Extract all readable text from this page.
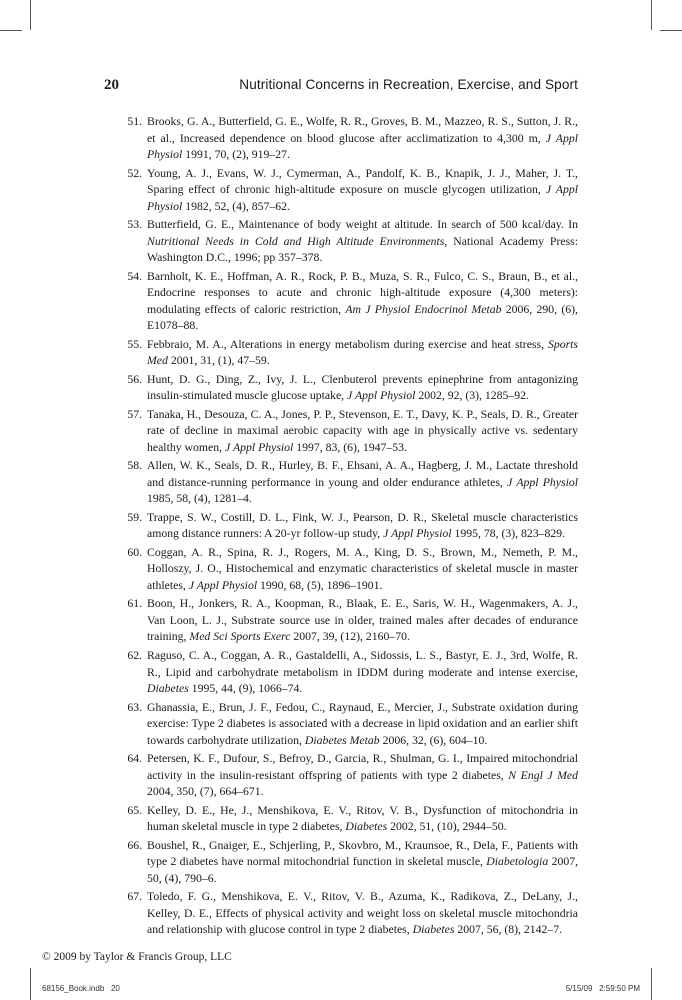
20	Nutritional Concerns in Recreation, Exercise, and Sport
51. Brooks, G. A., Butterfield, G. E., Wolfe, R. R., Groves, B. M., Mazzeo, R. S., Sutton, J. R., et al., Increased dependence on blood glucose after acclimatization to 4,300 m, J Appl Physiol 1991, 70, (2), 919–27.
52. Young, A. J., Evans, W. J., Cymerman, A., Pandolf, K. B., Knapik, J. J., Maher, J. T., Sparing effect of chronic high-altitude exposure on muscle glycogen utilization, J Appl Physiol 1982, 52, (4), 857–62.
53. Butterfield, G. E., Maintenance of body weight at altitude. In search of 500 kcal/day. In Nutritional Needs in Cold and High Altitude Environments, National Academy Press: Washington D.C., 1996; pp 357–378.
54. Barnholt, K. E., Hoffman, A. R., Rock, P. B., Muza, S. R., Fulco, C. S., Braun, B., et al., Endocrine responses to acute and chronic high-altitude exposure (4,300 meters): modulating effects of caloric restriction, Am J Physiol Endocrinol Metab 2006, 290, (6), E1078–88.
55. Febbraio, M. A., Alterations in energy metabolism during exercise and heat stress, Sports Med 2001, 31, (1), 47–59.
56. Hunt, D. G., Ding, Z., Ivy, J. L., Clenbuterol prevents epinephrine from antagonizing insulin-stimulated muscle glucose uptake, J Appl Physiol 2002, 92, (3), 1285–92.
57. Tanaka, H., Desouza, C. A., Jones, P. P., Stevenson, E. T., Davy, K. P., Seals, D. R., Greater rate of decline in maximal aerobic capacity with age in physically active vs. sedentary healthy women, J Appl Physiol 1997, 83, (6), 1947–53.
58. Allen, W. K., Seals, D. R., Hurley, B. F., Ehsani, A. A., Hagberg, J. M., Lactate threshold and distance-running performance in young and older endurance athletes, J Appl Physiol 1985, 58, (4), 1281–4.
59. Trappe, S. W., Costill, D. L., Fink, W. J., Pearson, D. R., Skeletal muscle characteristics among distance runners: A 20-yr follow-up study, J Appl Physiol 1995, 78, (3), 823–829.
60. Coggan, A. R., Spina, R. J., Rogers, M. A., King, D. S., Brown, M., Nemeth, P. M., Holloszy, J. O., Histochemical and enzymatic characteristics of skeletal muscle in master athletes, J Appl Physiol 1990, 68, (5), 1896–1901.
61. Boon, H., Jonkers, R. A., Koopman, R., Blaak, E. E., Saris, W. H., Wagenmakers, A. J., Van Loon, L. J., Substrate source use in older, trained males after decades of endurance training, Med Sci Sports Exerc 2007, 39, (12), 2160–70.
62. Raguso, C. A., Coggan, A. R., Gastaldelli, A., Sidossis, L. S., Bastyr, E. J., 3rd, Wolfe, R. R., Lipid and carbohydrate metabolism in IDDM during moderate and intense exercise, Diabetes 1995, 44, (9), 1066–74.
63. Ghanassia, E., Brun, J. F., Fedou, C., Raynaud, E., Mercier, J., Substrate oxidation during exercise: Type 2 diabetes is associated with a decrease in lipid oxidation and an earlier shift towards carbohydrate utilization, Diabetes Metab 2006, 32, (6), 604–10.
64. Petersen, K. F., Dufour, S., Befroy, D., Garcia, R., Shulman, G. I., Impaired mitochondrial activity in the insulin-resistant offspring of patients with type 2 diabetes, N Engl J Med 2004, 350, (7), 664–671.
65. Kelley, D. E., He, J., Menshikova, E. V., Ritov, V. B., Dysfunction of mitochondria in human skeletal muscle in type 2 diabetes, Diabetes 2002, 51, (10), 2944–50.
66. Boushel, R., Gnaiger, E., Schjerling, P., Skovbro, M., Kraunsoe, R., Dela, F., Patients with type 2 diabetes have normal mitochondrial function in skeletal muscle, Diabetologia 2007, 50, (4), 790–6.
67. Toledo, F. G., Menshikova, E. V., Ritov, V. B., Azuma, K., Radikova, Z., DeLany, J., Kelley, D. E., Effects of physical activity and weight loss on skeletal muscle mitochondria and relationship with glucose control in type 2 diabetes, Diabetes 2007, 56, (8), 2142–7.
© 2009 by Taylor & Francis Group, LLC
68156_Book.indb   20	5/15/09   2:59:50 PM
